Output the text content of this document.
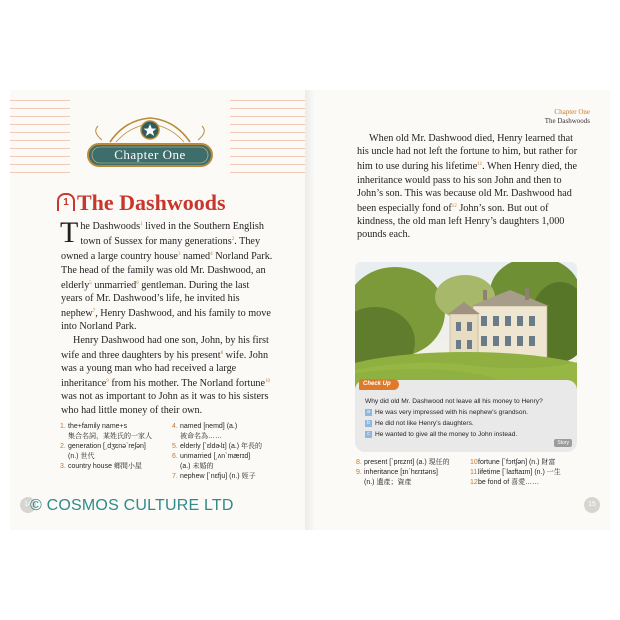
Chapter One
The Dashwoods
Chapter One
1 The Dashwoods

The Dashwoods$^1$ lived in the Southern English town of Sussex for many generations$^2$. They owned a large country house$^3$ named$^4$ Norland Park. The head of the family was old Mr. Dashwood, an elderly$^5$ unmarried$^6$ gentleman. During the last years of Mr. Dashwood’s life, he invited his nephew$^7$, Henry Dashwood, and his family to move into Norland Park.

Henry Dashwood had one son, John, by his first wife and three daughters by his present$^8$ wife. John was a young man who had received a large inheritance$^9$ from his mother. The Norland fortune$^{10}$ was not as important to John as it was to his sisters who had little money of their own.

When old Mr. Dashwood died, Henry learned that his uncle had not left the fortune to him, but rather for him to use during his lifetime$^{11}$. When Henry died, the inheritance would pass to his son John and then to John’s son. This was because old Mr. Dashwood had been especially fond $of^{12}$ John’s son. But out of kindness, the old man left Henry’s daughters 1,000 pounds each.

1. the+family name+s
集合名詞，某姓氏的一家人
2. generation [͵dʒɛnəˋreʃən]
(n.) 世代
3. country house 鄉間小屋
4. named [nemd] (a.)
被命名為……
5. elderly [ˋɛldɚlɪ] (a.) 年長的
6. unmarried [͵ʌnˋmærɪd]
(a.) 未婚的
7. nephew [ˋnɛfju] (n.) 姪子
Check Up
Why did old Mr. Dashwood not leave all his money to Henry?
a He was very impressed with his nephew's grandson.
b He did not like Henry's daughters.
c He wanted to give all the money to John instead.
Story
8. present [ˋprɛznt] (a.) 現任的
9. inheritance [ɪnˋhɛrɪtəns]
(n.) 遺產；資產
10.
fortune [ˋfɔrtʃən] (n.) 財富
11.
lifetime [ˋlaɪftaɪm] (n.) 一生
12.
be fond of 喜愛……
14	15
© COSMOS CULTURE LTD
